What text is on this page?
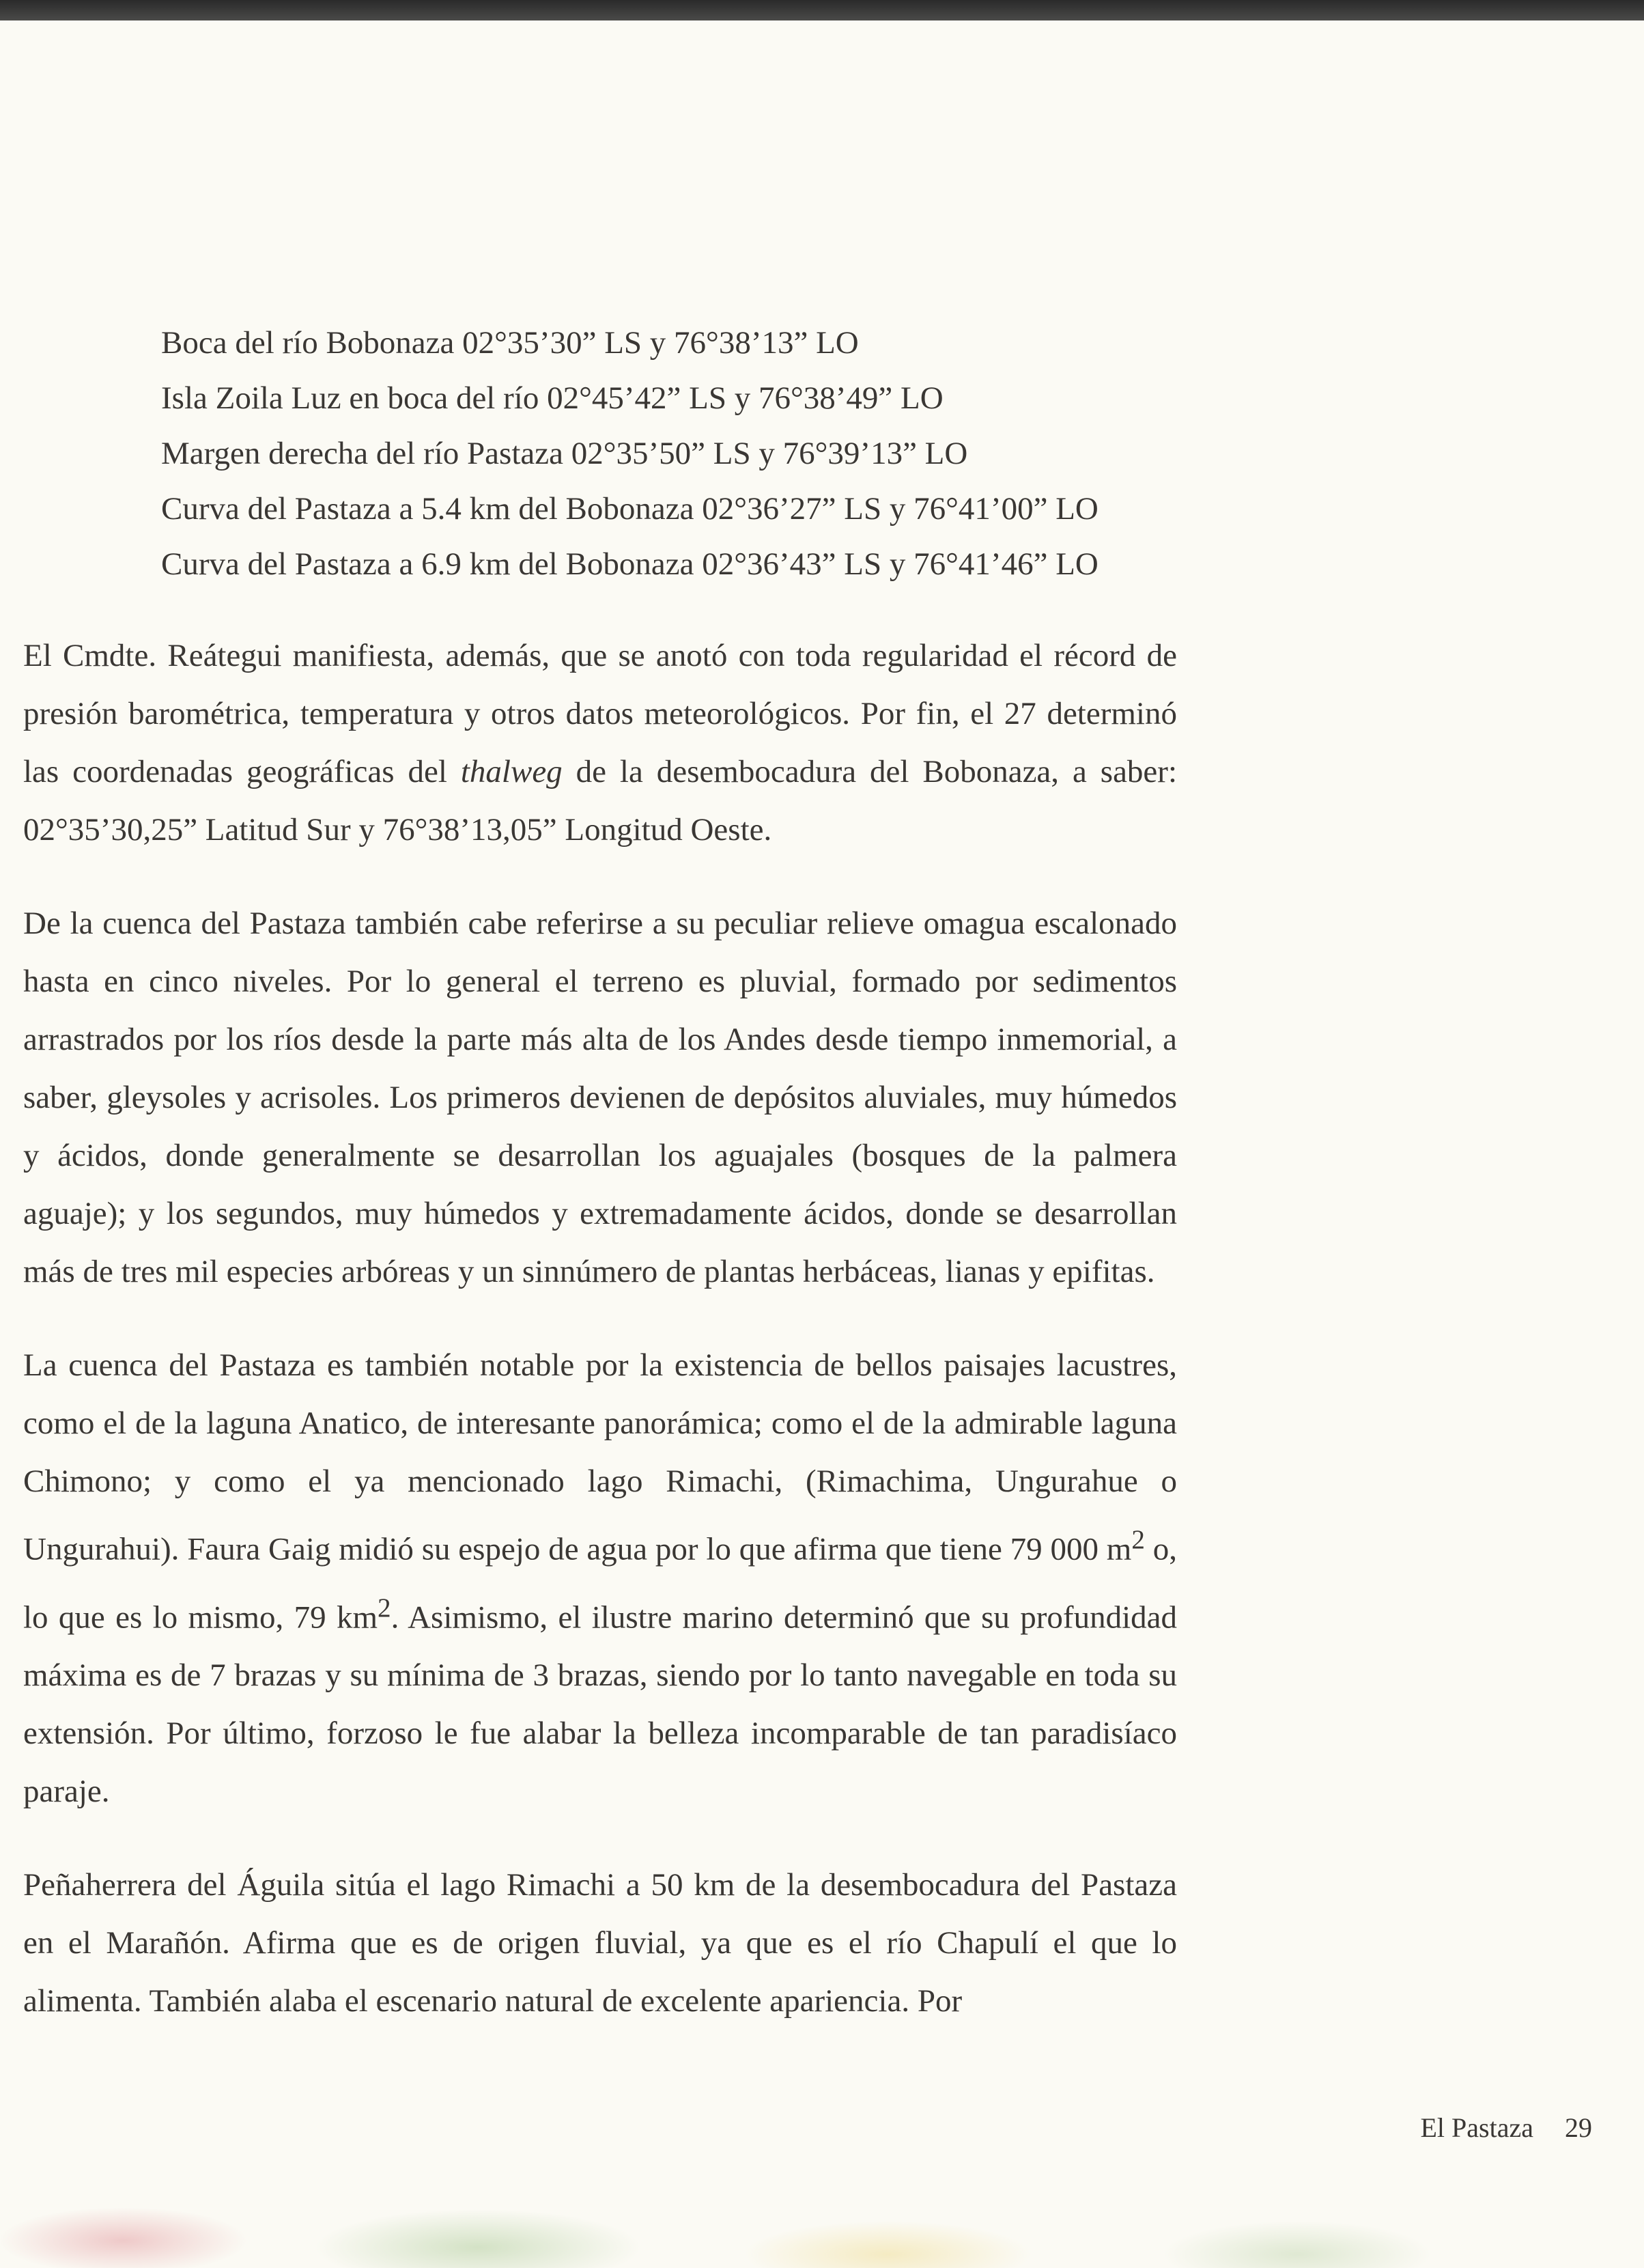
Boca del río Bobonaza 02°35’30” LS y 76°38’13” LO
Isla Zoila Luz en boca del río 02°45’42” LS y 76°38’49” LO
Margen derecha del río Pastaza 02°35’50” LS y 76°39’13” LO
Curva del Pastaza a 5.4 km del Bobonaza 02°36’27” LS y 76°41’00” LO
Curva del Pastaza a 6.9 km del Bobonaza 02°36’43” LS y 76°41’46” LO

El Cmdte. Reátegui manifiesta, además, que se anotó con toda regularidad el récord de presión barométrica, temperatura y otros datos meteorológicos. Por fin, el 27 determinó las coordenadas geográficas del thalweg de la desembocadura del Bobonaza, a saber: 02°35’30,25” Latitud Sur y 76°38’13,05” Longitud Oeste.

De la cuenca del Pastaza también cabe referirse a su peculiar relieve omagua escalonado hasta en cinco niveles. Por lo general el terreno es pluvial, formado por sedimentos arrastrados por los ríos desde la parte más alta de los Andes desde tiempo inmemorial, a saber, gleysoles y acrisoles. Los primeros devienen de depósitos aluviales, muy húmedos y ácidos, donde generalmente se desarrollan los aguajales (bosques de la palmera aguaje); y los segundos, muy húmedos y extremadamente ácidos, donde se desarrollan más de tres mil especies arbóreas y un sinnúmero de plantas herbáceas, lianas y epifitas.

La cuenca del Pastaza es también notable por la existencia de bellos paisajes lacustres, como el de la laguna Anatico, de interesante panorámica; como el de la admirable laguna Chimono; y como el ya mencionado lago Rimachi, (Rimachima, Ungurahue o Ungurahui). Faura Gaig midió su espejo de agua por lo que afirma que tiene 79 000 $m^2$ o, lo que es lo mismo, 79 $km^2$. Asimismo, el ilustre marino determinó que su profundidad máxima es de 7 brazas y su mínima de 3 brazas, siendo por lo tanto navegable en toda su extensión. Por último, forzoso le fue alabar la belleza incomparable de tan paradisíaco paraje.

Peñaherrera del Águila sitúa el lago Rimachi a 50 km de la desembocadura del Pastaza en el Marañón. Afirma que es de origen fluvial, ya que es el río Chapulí el que lo alimenta. También alaba el escenario natural de excelente apariencia. Por

El Pastaza 29
